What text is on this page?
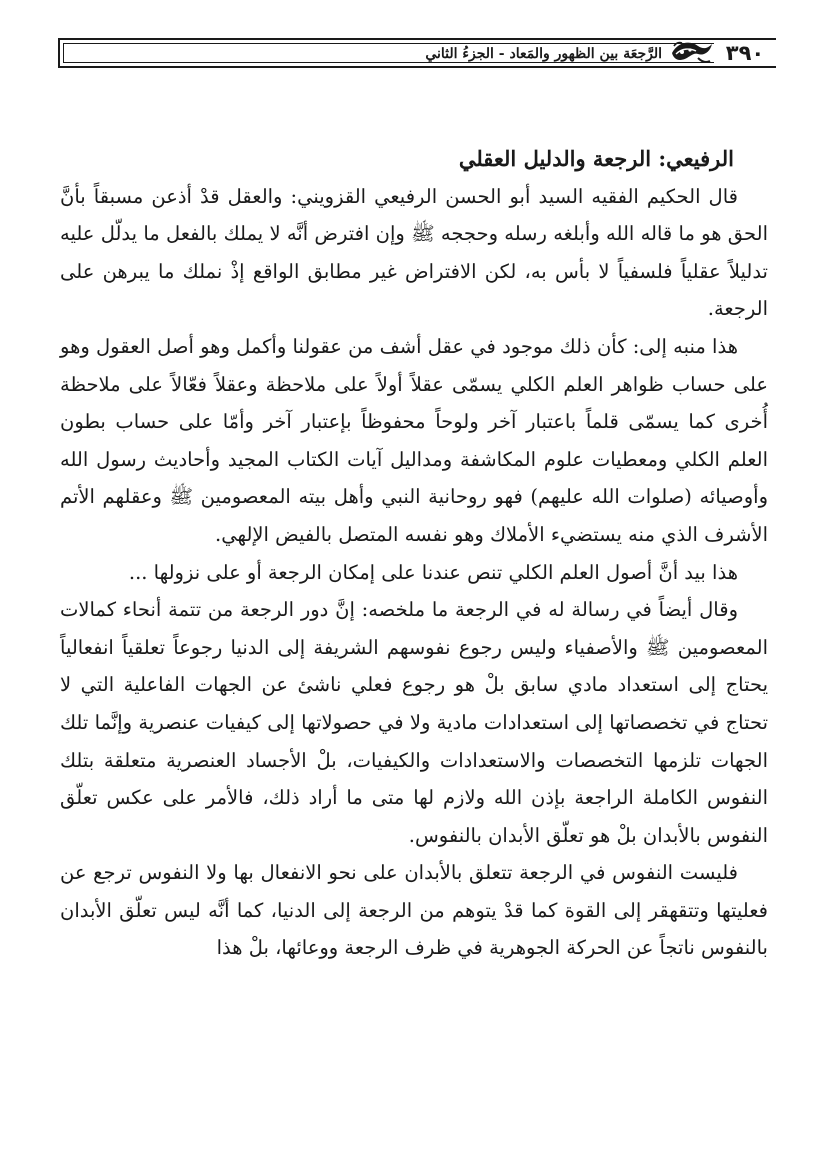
٣٩٠
الرَّجعَة بين الظهور والمَعاد - الجزءُ الثاني
الرفيعي: الرجعة والدليل العقلي

قال الحكيم الفقيه السيد أبو الحسن الرفيعي القزويني: والعقل قدْ أذعن مسبقاً بأنَّ الحق هو ما قاله الله وأبلغه رسله وحججه ﷺ وإن افترض أنَّه لا يملك بالفعل ما يدلّل عليه تدليلاً عقلياً فلسفياً لا بأس به، لكن الافتراض غير مطابق الواقع إذْ نملك ما يبرهن على الرجعة.

هذا منبه إلى: كأن ذلك موجود في عقل أشف من عقولنا وأكمل وهو أصل العقول وهو على حساب ظواهر العلم الكلي يسمّى عقلاً أولاً على ملاحظة وعقلاً فعّالاً على ملاحظة أُخرى كما يسمّى قلماً باعتبار آخر ولوحاً محفوظاً بإعتبار آخر وأمّا على حساب بطون العلم الكلي ومعطيات علوم المكاشفة ومداليل آيات الكتاب المجيد وأحاديث رسول الله وأوصيائه (صلوات الله عليهم) فهو روحانية النبي وأهل بيته المعصومين ﷺ وعقلهم الأتم الأشرف الذي منه يستضيء الأملاك وهو نفسه المتصل بالفيض الإلهي.

هذا بيد أنَّ أصول العلم الكلي تنص عندنا على إمكان الرجعة أو على نزولها ...

وقال أيضاً في رسالة له في الرجعة ما ملخصه: إنَّ دور الرجعة من تتمة أنحاء كمالات المعصومين ﷺ والأصفياء وليس رجوع نفوسهم الشريفة إلى الدنيا رجوعاً تعلقياً انفعالياً يحتاج إلى استعداد مادي سابق بلْ هو رجوع فعلي ناشئ عن الجهات الفاعلية التي لا تحتاج في تخصصاتها إلى استعدادات مادية ولا في حصولاتها إلى كيفيات عنصرية وإنَّما تلك الجهات تلزمها التخصصات والاستعدادات والكيفيات، بلْ الأجساد العنصرية متعلقة بتلك النفوس الكاملة الراجعة بإذن الله ولازم لها متى ما أراد ذلك، فالأمر على عكس تعلّق النفوس بالأبدان بلْ هو تعلّق الأبدان بالنفوس.

فليست النفوس في الرجعة تتعلق بالأبدان على نحو الانفعال بها ولا النفوس ترجع عن فعليتها وتتقهقر إلى القوة كما قدْ يتوهم من الرجعة إلى الدنيا، كما أنَّه ليس تعلّق الأبدان بالنفوس ناتجاً عن الحركة الجوهرية في ظرف الرجعة ووعائها، بلْ هذا
